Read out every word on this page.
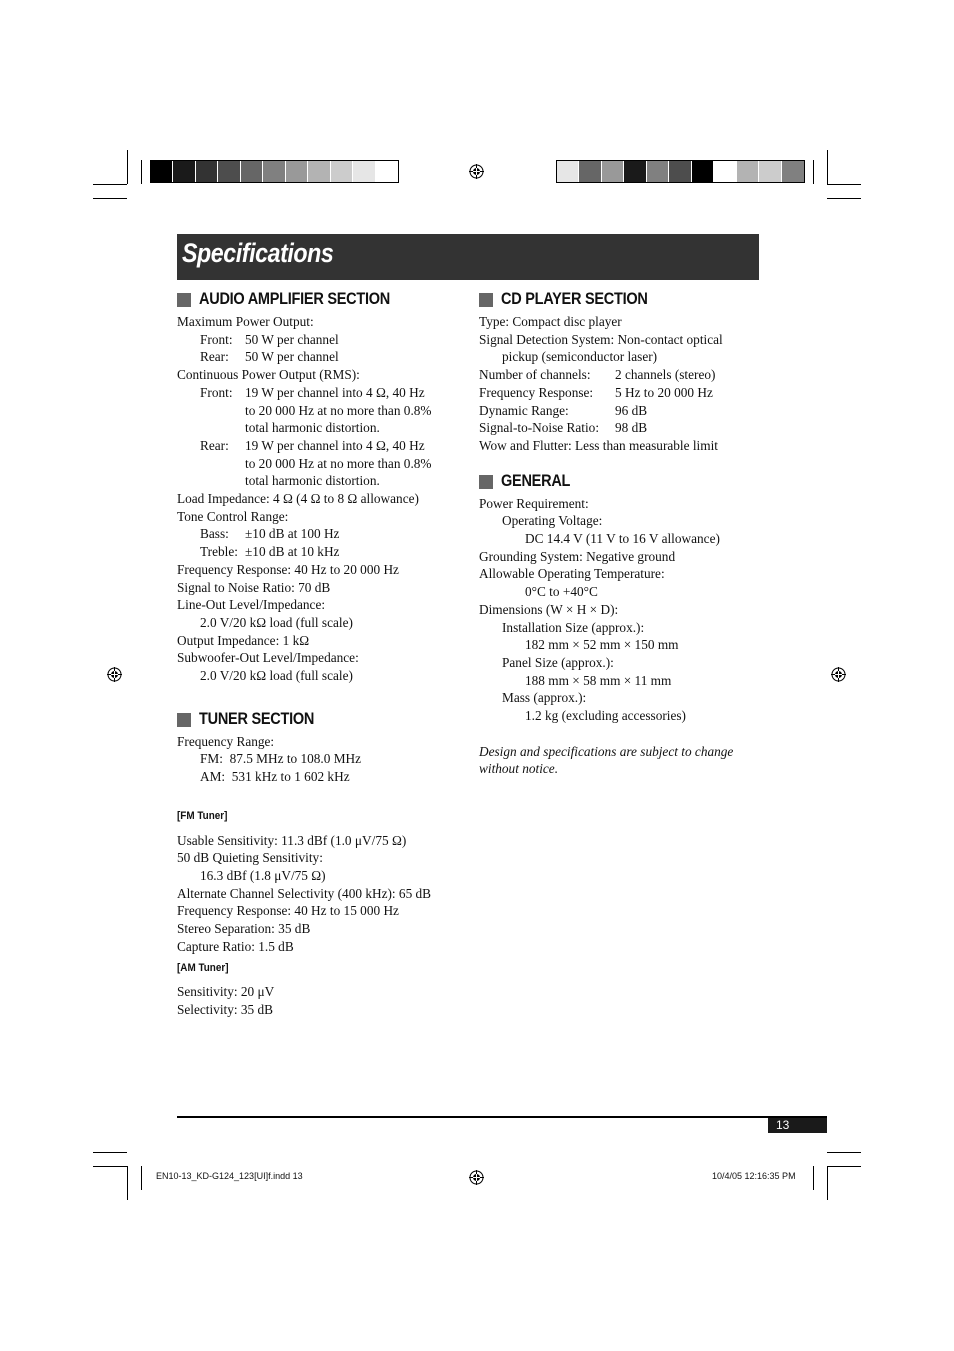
Specifications
AUDIO AMPLIFIER SECTION
Maximum Power Output:
Front: 50 W per channel
Rear:	50 W per channel
Continuous Power Output (RMS):
Front: 19 W per channel into 4 Ω, 40 Hz
to 20 000 Hz at no more than 0.8%
total harmonic distortion.
Rear:	19 W per channel into 4 Ω, 40 Hz
to 20 000 Hz at no more than 0.8%
total harmonic distortion.
Load Impedance: 4 Ω (4 Ω to 8 Ω allowance)
Tone Control Range:
Bass:	±10 dB at 100 Hz
Treble: ±10 dB at 10 kHz
Frequency Response: 40 Hz to 20 000 Hz
Signal to Noise Ratio: 70 dB
Line-Out Level/Impedance:
2.0 V/20 kΩ load (full scale)
Output Impedance: 1 kΩ
Subwoofer-Out Level/Impedance:
2.0 V/20 kΩ load (full scale)
TUNER SECTION
Frequency Range:
FM: 87.5 MHz to 108.0 MHz
AM: 531 kHz to 1 602 kHz
[FM Tuner]
Usable Sensitivity: 11.3 dBf (1.0 μV/75 Ω)
50 dB Quieting Sensitivity:
16.3 dBf (1.8 μV/75 Ω)
Alternate Channel Selectivity (400 kHz): 65 dB
Frequency Response: 40 Hz to 15 000 Hz
Stereo Separation: 35 dB
Capture Ratio: 1.5 dB
[AM Tuner]
Sensitivity: 20 μV
Selectivity: 35 dB
CD PLAYER SECTION
Type: Compact disc player
Signal Detection System: Non-contact optical
pickup (semiconductor laser)
Number of channels:	2 channels (stereo)
Frequency Response:	5 Hz to 20 000 Hz
Dynamic Range:	96 dB
Signal-to-Noise Ratio:	98 dB
Wow and Flutter: Less than measurable limit
GENERAL
Power Requirement:
Operating Voltage:
DC 14.4 V (11 V to 16 V allowance)
Grounding System: Negative ground
Allowable Operating Temperature:
0°C to +40°C
Dimensions (W × H × D):
Installation Size (approx.):
182 mm × 52 mm × 150 mm
Panel Size (approx.):
188 mm × 58 mm × 11 mm
Mass (approx.):
1.2 kg (excluding accessories)
Design and specifications are subject to change without notice.
13
EN10-13_KD-G124_123[UI]f.indd 13	10/4/05 12:16:35 PM
